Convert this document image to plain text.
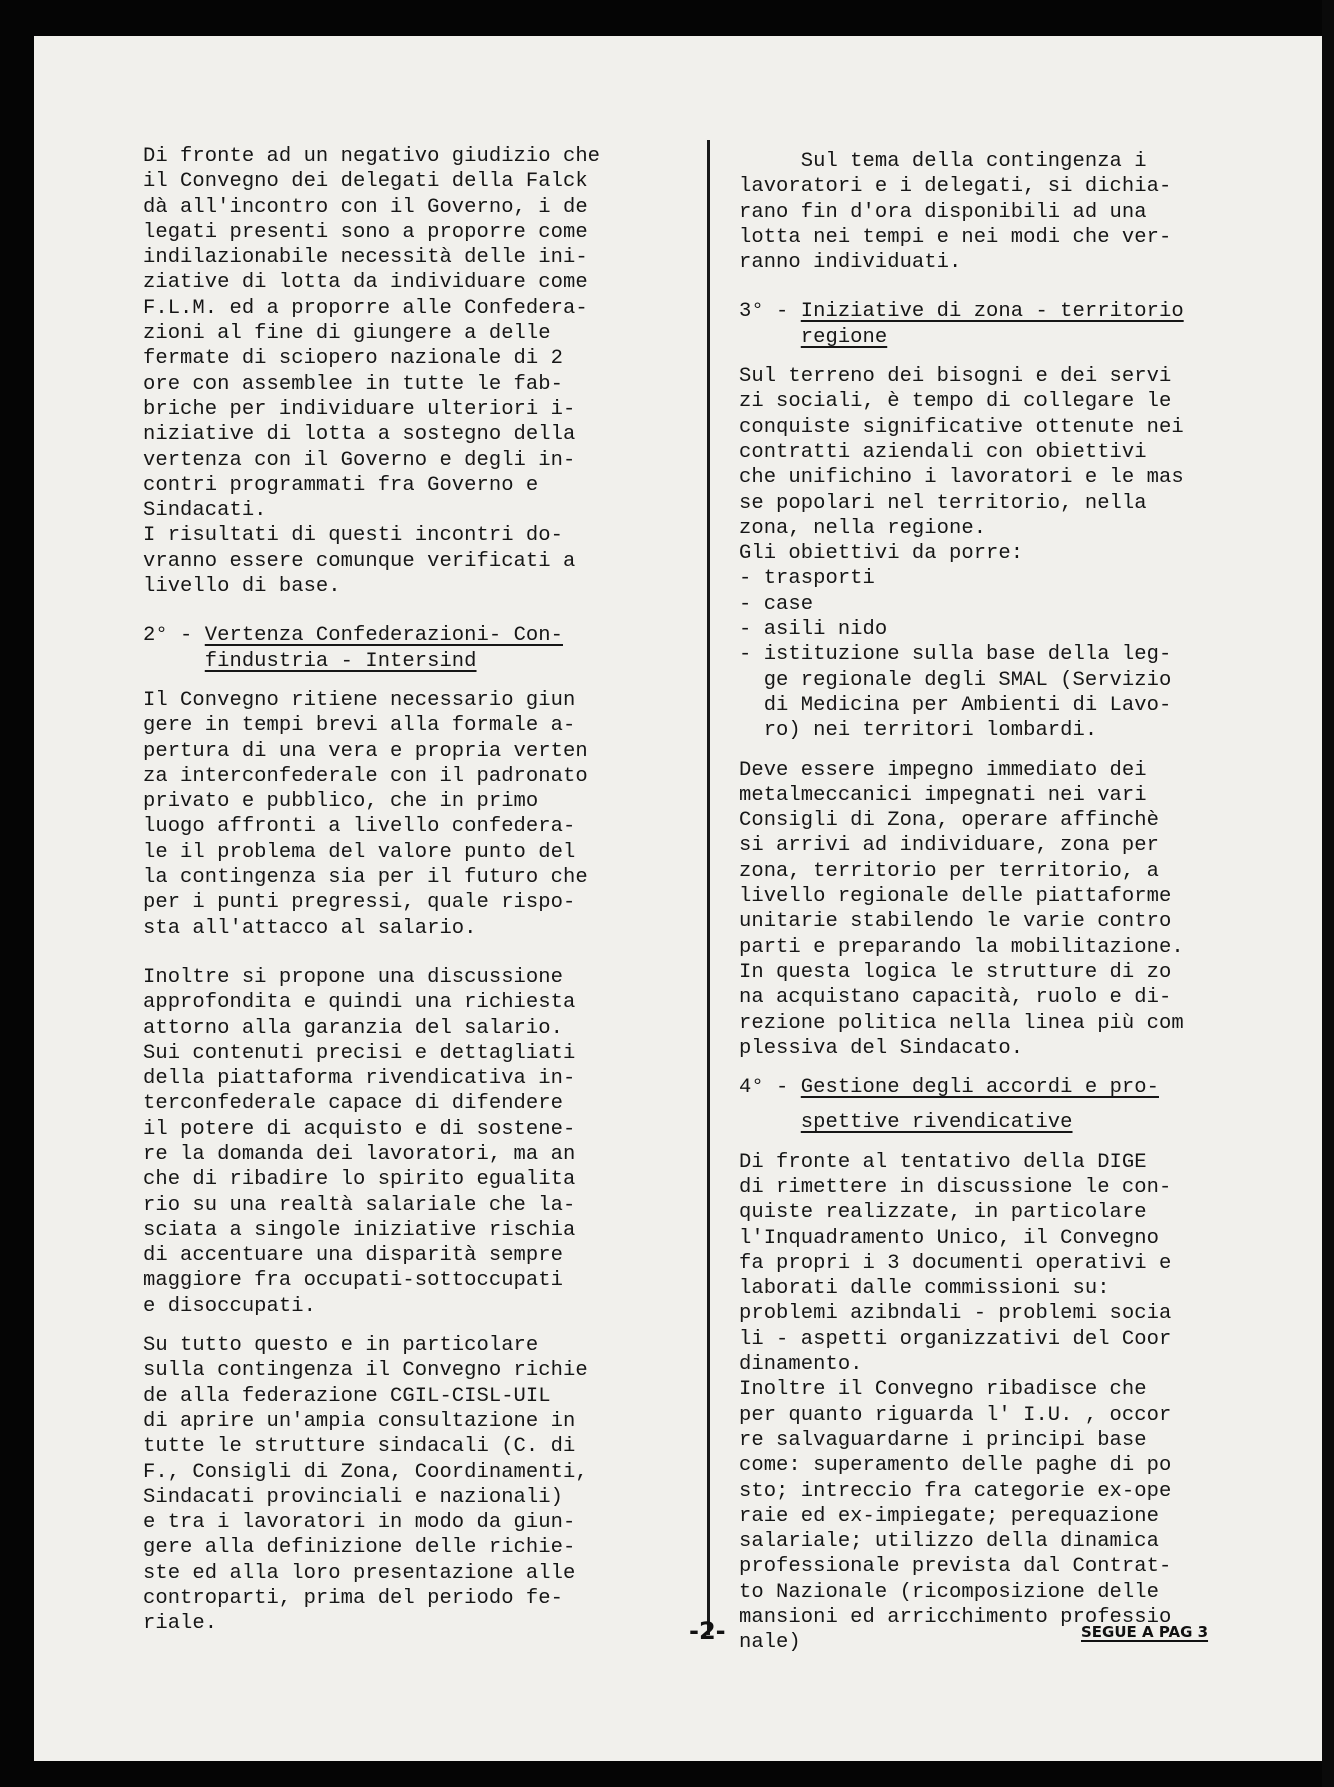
Di fronte ad un negativo giudizio che
il Convegno dei delegati della Falck
dà all'incontro con il Governo, i de
legati presenti sono a proporre come
indilazionabile necessità delle ini-
ziative di lotta da individuare come
F.L.M. ed a proporre alle Confedera-
zioni al fine di giungere a delle
fermate di sciopero nazionale di 2
ore con assemblee in tutte le fab-
briche per individuare ulteriori i-
niziative di lotta a sostegno della
vertenza con il Governo e degli in-
contri programmati fra Governo e
Sindacati.
I risultati di questi incontri do-
vranno essere comunque verificati a
livello di base.
2° - Vertenza Confederazioni- Con-
findustria - Intersind
Il Convegno ritiene necessario giun
gere in tempi brevi alla formale a-
pertura di una vera e propria verten
za interconfederale con il padronato
privato e pubblico, che in primo
luogo affronti a livello confedera-
le il problema del valore punto del
la contingenza sia per il futuro che
per i punti pregressi, quale rispo-
sta all'attacco al salario.
Inoltre si propone una discussione
approfondita e quindi una richiesta
attorno alla garanzia del salario.
Sui contenuti precisi e dettagliati
della piattaforma rivendicativa in-
terconfederale capace di difendere
il potere di acquisto e di sostene-
re la domanda dei lavoratori, ma an
che di ribadire lo spirito egualita
rio su una realtà salariale che la-
sciata a singole iniziative rischia
di accentuare una disparità sempre
maggiore fra occupati-sottoccupati
e disoccupati.
Su tutto questo e in particolare
sulla contingenza il Convegno richie
de alla federazione CGIL-CISL-UIL
di aprire un'ampia consultazione in
tutte le strutture sindacali (C. di
F., Consigli di Zona, Coordinamenti,
Sindacati provinciali e nazionali)
e tra i lavoratori in modo da giun-
gere alla definizione delle richie-
ste ed alla loro presentazione alle
controparti, prima del periodo fe-
riale.
Sul tema della contingenza i
lavoratori e i delegati, si dichia-
rano fin d'ora disponibili ad una
lotta nei tempi e nei modi che ver-
ranno individuati.
3° - Iniziative di zona - territorio
regione
Sul terreno dei bisogni e dei servi
zi sociali, è tempo di collegare le
conquiste significative ottenute nei
contratti aziendali con obiettivi
che unifichino i lavoratori e le mas
se popolari nel territorio, nella
zona, nella regione.
Gli obiettivi da porre:
- trasporti
- case
- asili nido
- istituzione sulla base della leg-
ge regionale degli SMAL (Servizio
di Medicina per Ambienti di Lavo-
ro) nei territori lombardi.
Deve essere impegno immediato dei
metalmeccanici impegnati nei vari
Consigli di Zona, operare affinchè
si arrivi ad individuare, zona per
zona, territorio per territorio, a
livello regionale delle piattaforme
unitarie stabilendo le varie contro
parti e preparando la mobilitazione.
In questa logica le strutture di zo
na acquistano capacità, ruolo e di-
rezione politica nella linea più com
plessiva del Sindacato.
4° - Gestione degli accordi e pro-
spettive rivendicative
Di fronte al tentativo della DIGE
di rimettere in discussione le con-
quiste realizzate, in particolare
l'Inquadramento Unico, il Convegno
fa propri i 3 documenti operativi e
laborati dalle commissioni su:
problemi azibndali - problemi socia
li - aspetti organizzativi del Coor
dinamento.
Inoltre il Convegno ribadisce che
per quanto riguarda l' I.U. , occor
re salvaguardarne i principi base
come: superamento delle paghe di po
sto; intreccio fra categorie ex-ope
raie ed ex-impiegate; perequazione
salariale; utilizzo della dinamica
professionale prevista dal Contrat-
to Nazionale (ricomposizione delle
mansioni ed arricchimento professio
nale)
-2-	SEGUE A PAG 3
